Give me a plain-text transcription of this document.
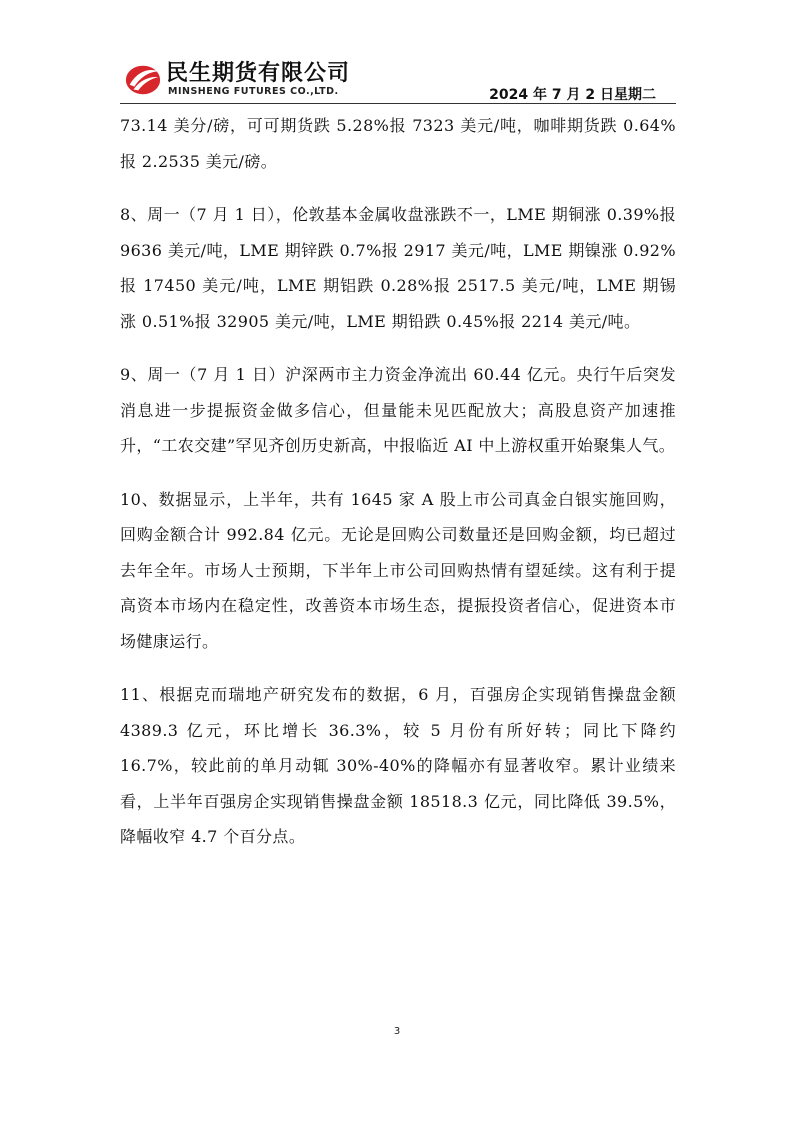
民生期货有限公司
MINSHENG FUTURES CO.,LTD.	2024 年 7 月 2 日星期二

73.14 美分/磅，可可期货跌 5.28%报 7323 美元/吨，咖啡期货跌 0.64%报 2.2535 美元/磅。

8、周一（7 月 1 日），伦敦基本金属收盘涨跌不一，LME 期铜涨 0.39%报 9636 美元/吨，LME 期锌跌 0.7%报 2917 美元/吨，LME 期镍涨 0.92%报 17450 美元/吨，LME 期铝跌 0.28%报 2517.5 美元/吨，LME 期锡涨 0.51%报 32905 美元/吨，LME 期铅跌 0.45%报 2214 美元/吨。

9、周一（7 月 1 日）沪深两市主力资金净流出 60.44 亿元。央行午后突发消息进一步提振资金做多信心，但量能未见匹配放大；高股息资产加速推升，“工农交建”罕见齐创历史新高，中报临近 AI 中上游权重开始聚集人气。

10、数据显示，上半年，共有 1645 家 A 股上市公司真金白银实施回购，回购金额合计 992.84 亿元。无论是回购公司数量还是回购金额，均已超过去年全年。市场人士预期，下半年上市公司回购热情有望延续。这有利于提高资本市场内在稳定性，改善资本市场生态，提振投资者信心，促进资本市场健康运行。

11、根据克而瑞地产研究发布的数据，6 月，百强房企实现销售操盘金额 4389.3 亿元，环比增长 36.3%，较 5 月份有所好转；同比下降约 16.7%，较此前的单月动辄 30%-40%的降幅亦有显著收窄。累计业绩来看，上半年百强房企实现销售操盘金额 18518.3 亿元，同比降低 39.5%，降幅收窄 4.7 个百分点。

3
